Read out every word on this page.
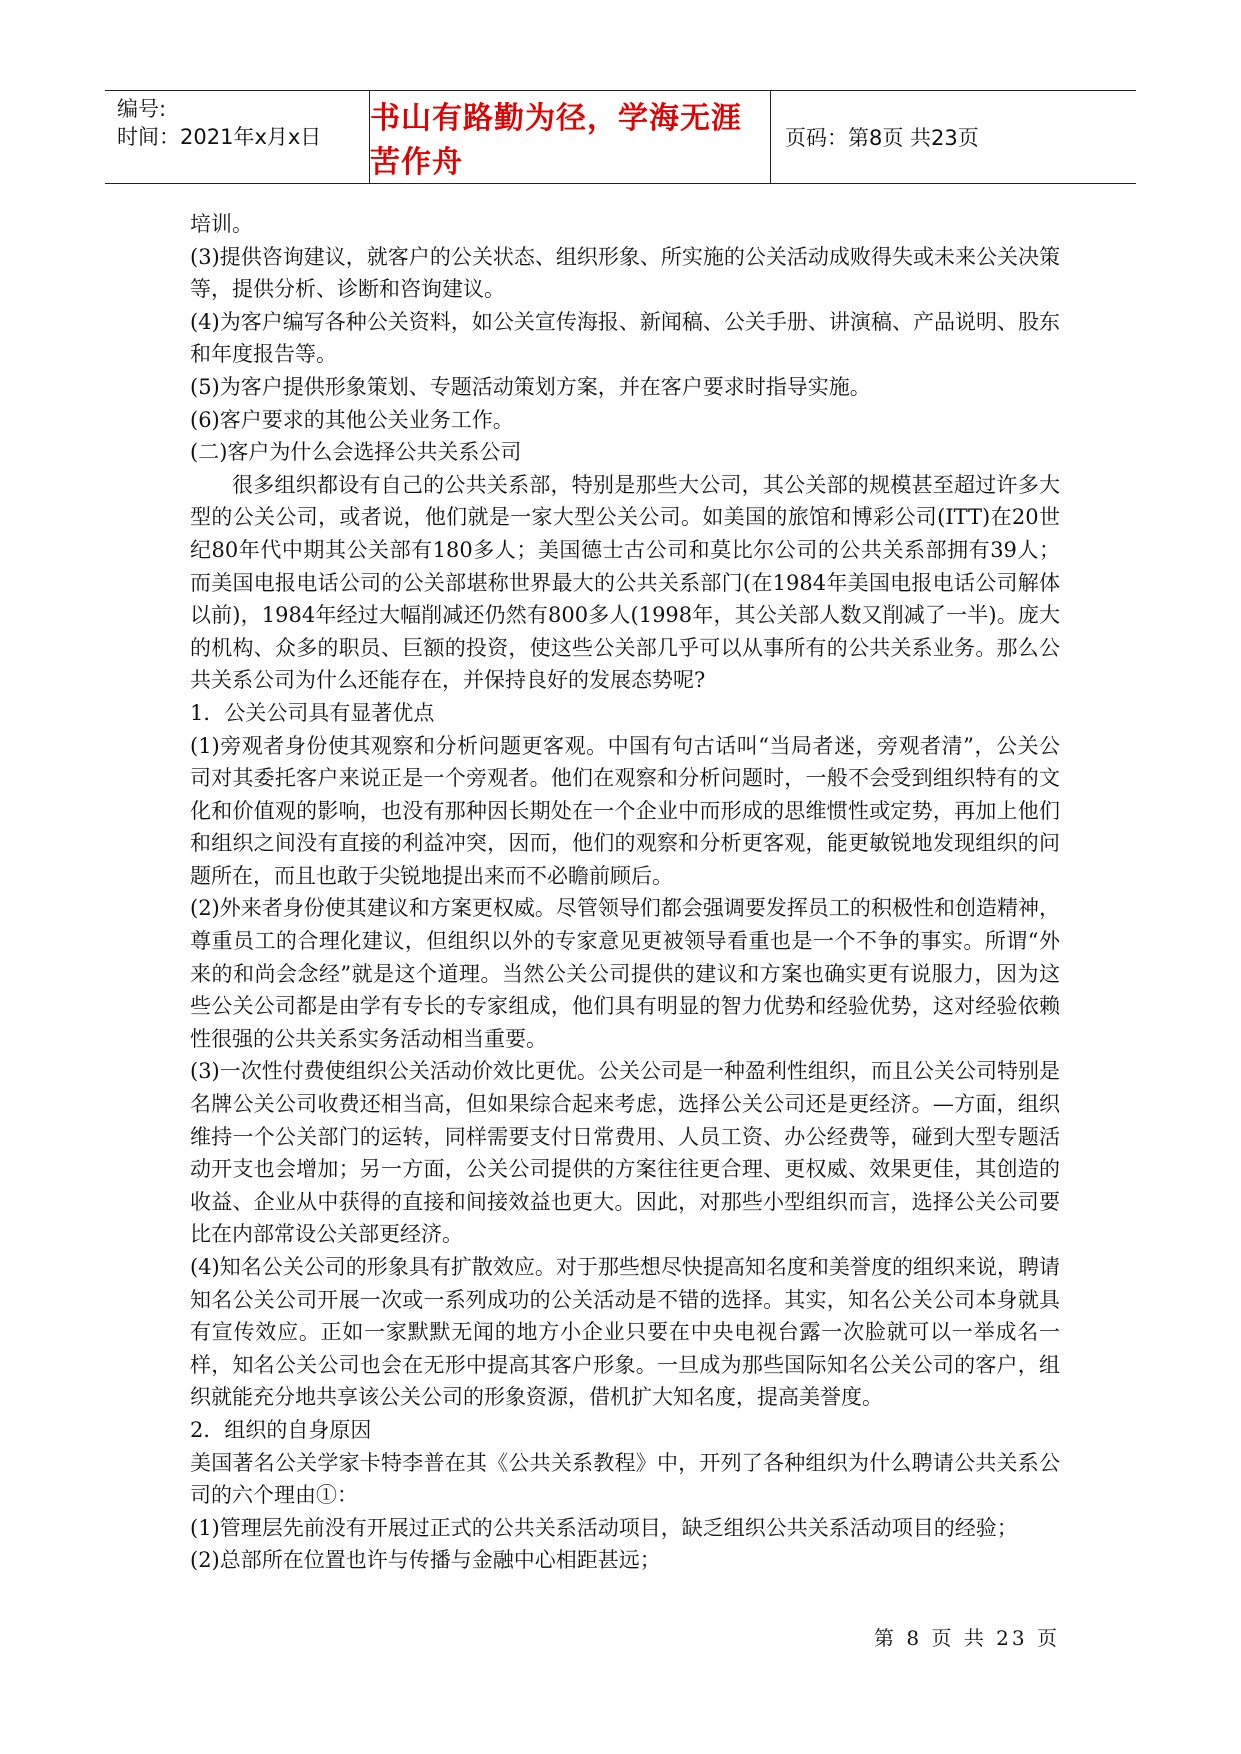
编号:
时间：2021年x月x日
书山有路勤为径，学海无涯苦作舟
页码：第8页 共23页

培训。

(3)提供咨询建议，就客户的公关状态、组织形象、所实施的公关活动成败得失或未来公关决策等，提供分析、诊断和咨询建议。

(4)为客户编写各种公关资料，如公关宣传海报、新闻稿、公关手册、讲演稿、产品说明、股东和年度报告等。

(5)为客户提供形象策划、专题活动策划方案，并在客户要求时指导实施。

(6)客户要求的其他公关业务工作。

(二)客户为什么会选择公共关系公司

很多组织都设有自己的公共关系部，特别是那些大公司，其公关部的规模甚至超过许多大型的公关公司，或者说，他们就是一家大型公关公司。如美国的旅馆和博彩公司(ITT)在20世纪80年代中期其公关部有180多人；美国德士古公司和莫比尔公司的公共关系部拥有39人；而美国电报电话公司的公关部堪称世界最大的公共关系部门(在1984年美国电报电话公司解体以前)，1984年经过大幅削减还仍然有800多人(1998年，其公关部人数又削减了一半)。庞大的机构、众多的职员、巨额的投资，使这些公关部几乎可以从事所有的公共关系业务。那么公共关系公司为什么还能存在，并保持良好的发展态势呢?

1．公关公司具有显著优点

(1)旁观者身份使其观察和分析问题更客观。中国有句古话叫“当局者迷，旁观者清”，公关公司对其委托客户来说正是一个旁观者。他们在观察和分析问题时，一般不会受到组织特有的文化和价值观的影响，也没有那种因长期处在一个企业中而形成的思维惯性或定势，再加上他们和组织之间没有直接的利益冲突，因而，他们的观察和分析更客观，能更敏锐地发现组织的问题所在，而且也敢于尖锐地提出来而不必瞻前顾后。

(2)外来者身份使其建议和方案更权威。尽管领导们都会强调要发挥员工的积极性和创造精神，尊重员工的合理化建议，但组织以外的专家意见更被领导看重也是一个不争的事实。所谓“外来的和尚会念经”就是这个道理。当然公关公司提供的建议和方案也确实更有说服力，因为这些公关公司都是由学有专长的专家组成，他们具有明显的智力优势和经验优势，这对经验依赖性很强的公共关系实务活动相当重要。

(3)一次性付费使组织公关活动价效比更优。公关公司是一种盈利性组织，而且公关公司特别是名牌公关公司收费还相当高，但如果综合起来考虑，选择公关公司还是更经济。—方面，组织维持一个公关部门的运转，同样需要支付日常费用、人员工资、办公经费等，碰到大型专题活动开支也会增加；另一方面，公关公司提供的方案往往更合理、更权威、效果更佳，其创造的收益、企业从中获得的直接和间接效益也更大。因此，对那些小型组织而言，选择公关公司要比在内部常设公关部更经济。

(4)知名公关公司的形象具有扩散效应。对于那些想尽快提高知名度和美誉度的组织来说，聘请知名公关公司开展一次或一系列成功的公关活动是不错的选择。其实，知名公关公司本身就具有宣传效应。正如一家默默无闻的地方小企业只要在中央电视台露一次脸就可以一举成名一样，知名公关公司也会在无形中提高其客户形象。一旦成为那些国际知名公关公司的客户，组织就能充分地共享该公关公司的形象资源，借机扩大知名度，提高美誉度。

2．组织的自身原因

美国著名公关学家卡特李普在其《公共关系教程》中，开列了各种组织为什么聘请公共关系公司的六个理由①：

(1)管理层先前没有开展过正式的公共关系活动项目，缺乏组织公共关系活动项目的经验；

(2)总部所在位置也许与传播与金融中心相距甚远；

第 8 页 共 23 页
